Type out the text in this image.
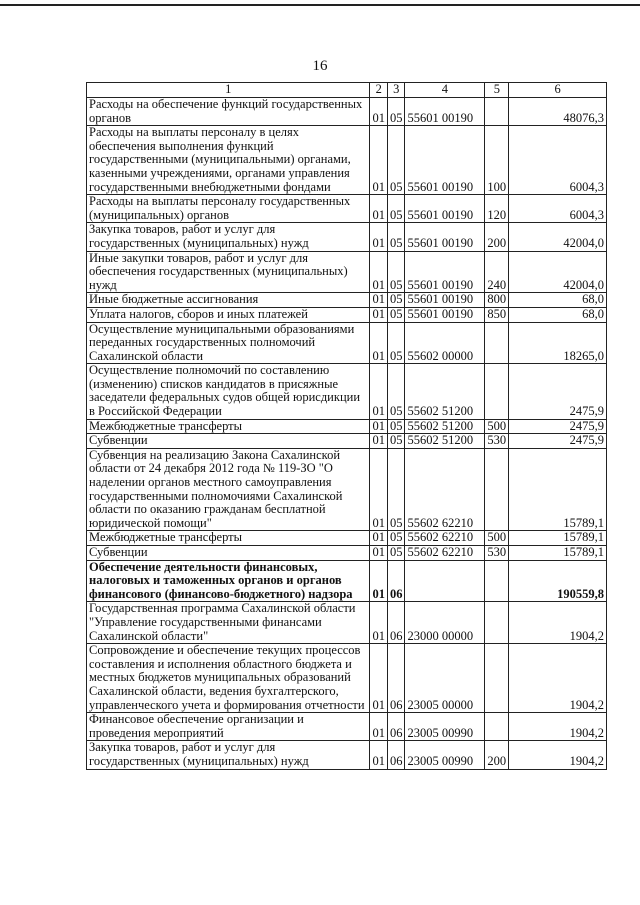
16
1	2	3	4	5	6
Расходы на обеспечение функций государственных органов	01	05	55601 00190		48076,3
Расходы на выплаты персоналу в целях обеспечения выполнения функций государственными (муниципальными) органами, казенными учреждениями, органами управления государственными внебюджетными фондами	01	05	55601 00190	100	6004,3
Расходы на выплаты персоналу государственных (муниципальных) органов	01	05	55601 00190	120	6004,3
Закупка товаров, работ и услуг для государственных (муниципальных) нужд	01	05	55601 00190	200	42004,0
Иные закупки товаров, работ и услуг для обеспечения государственных (муниципальных) нужд	01	05	55601 00190	240	42004,0
Иные бюджетные ассигнования	01	05	55601 00190	800	68,0
Уплата налогов, сборов и иных платежей	01	05	55601 00190	850	68,0
Осуществление муниципальными образованиями переданных государственных полномочий Сахалинской области	01	05	55602 00000		18265,0
Осуществление полномочий по составлению (изменению) списков кандидатов в присяжные заседатели федеральных судов общей юрисдикции в Российской Федерации	01	05	55602 51200		2475,9
Межбюджетные трансферты	01	05	55602 51200	500	2475,9
Субвенции	01	05	55602 51200	530	2475,9
Субвенция на реализацию Закона Сахалинской области от 24 декабря 2012 года № 119-ЗО "О наделении органов местного самоуправления государственными полномочиями Сахалинской области по оказанию гражданам бесплатной юридической помощи"	01	05	55602 62210		15789,1
Межбюджетные трансферты	01	05	55602 62210	500	15789,1
Субвенции	01	05	55602 62210	530	15789,1
Обеспечение деятельности финансовых, налоговых и таможенных органов и органов финансового (финансово-бюджетного) надзора	01	06			190559,8
Государственная программа Сахалинской области "Управление государственными финансами Сахалинской области"	01	06	23000 00000		1904,2
Сопровождение и обеспечение текущих процессов составления и исполнения областного бюджета и местных бюджетов муниципальных образований Сахалинской области, ведения бухгалтерского, управленческого учета и формирования отчетности	01	06	23005 00000		1904,2
Финансовое обеспечение организации и проведения мероприятий	01	06	23005 00990		1904,2
Закупка товаров, работ и услуг для государственных (муниципальных) нужд	01	06	23005 00990	200	1904,2
